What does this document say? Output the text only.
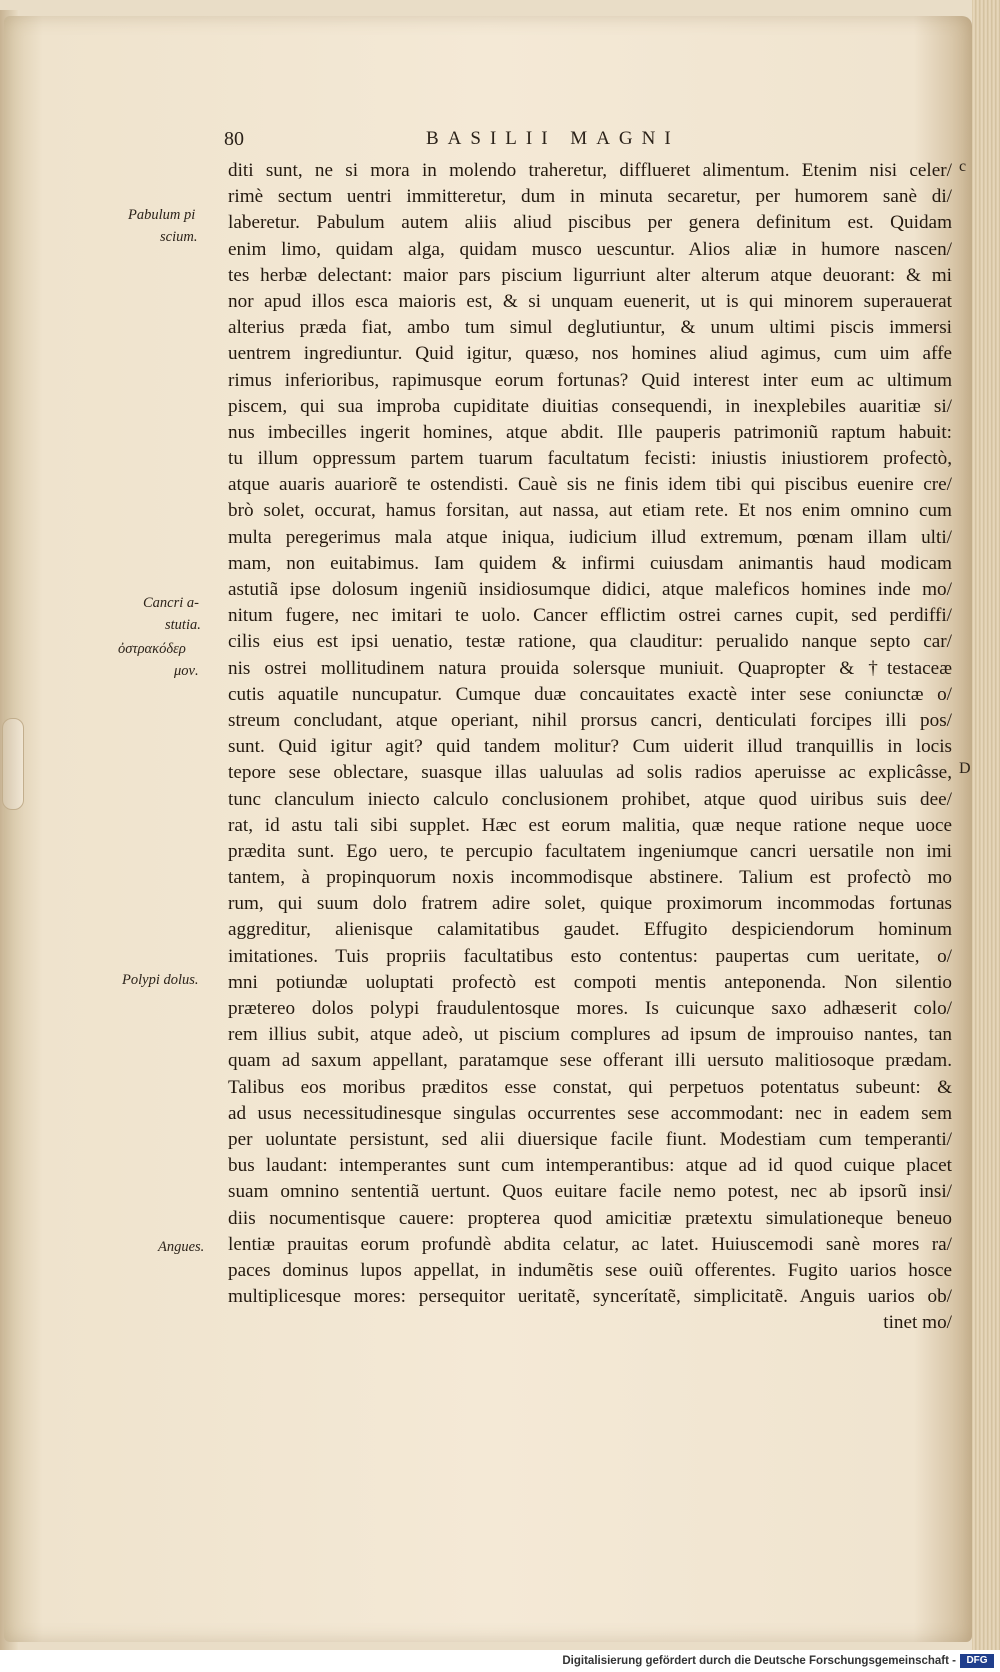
80	BASILII MAGNI
Pabulum pi
scium.
Cancri a-
stutia.
ὀστρακόδερ
μον.
Polypi dolus.
Angues.
c
D
diti sunt, ne si mora in molendo traheretur, difflueret alimentum. Etenim nisi celer/
rimè sectum uentri immitteretur, dum in minuta secaretur, per humorem sanè di/
laberetur. Pabulum autem aliis aliud piscibus per genera definitum est. Quidam
enim limo, quidam alga, quidam musco uescuntur. Alios aliæ in humore nascen/
tes herbæ delectant: maior pars piscium ligurriunt alter alterum atque deuorant: & mi
nor apud illos esca maioris est, & si unquam euenerit, ut is qui minorem superauerat
alterius præda fiat, ambo tum simul deglutiuntur, & unum ultimi piscis immersi
uentrem ingrediuntur. Quid igitur, quæso, nos homines aliud agimus, cum uim affe
rimus inferioribus, rapimusque eorum fortunas? Quid interest inter eum ac ultimum
piscem, qui sua improba cupiditate diuitias consequendi, in inexplebiles auaritiæ si/
nus imbecilles ingerit homines, atque abdit. Ille pauperis patrimoniũ raptum habuit:
tu illum oppressum partem tuarum facultatum fecisti: iniustis iniustiorem profectò,
atque auaris auariorẽ te ostendisti. Cauè sis ne finis idem tibi qui piscibus euenire cre/
brò solet, occurat, hamus forsitan, aut nassa, aut etiam rete. Et nos enim omnino cum
multa peregerimus mala atque iniqua, iudicium illud extremum, pœnam illam ulti/
mam, non euitabimus. Iam quidem & infirmi cuiusdam animantis haud modicam
astutiã ipse dolosum ingeniũ insidiosumque didici, atque maleficos homines inde mo/
nitum fugere, nec imitari te uolo. Cancer efflictim ostrei carnes cupit, sed perdiffi/
cilis eius est ipsi uenatio, testæ ratione, qua clauditur: perualido nanque septo car/
nis ostrei mollitudinem natura prouida solersque muniuit. Quapropter & †testaceæ
cutis aquatile nuncupatur. Cumque duæ concauitates exactè inter sese coniunctæ o/
streum concludant, atque operiant, nihil prorsus cancri, denticulati forcipes illi pos/
sunt. Quid igitur agit? quid tandem molitur? Cum uiderit illud tranquillis in locis
tepore sese oblectare, suasque illas ualuulas ad solis radios aperuisse ac explicâsse,
tunc clanculum iniecto calculo conclusionem prohibet, atque quod uiribus suis dee/
rat, id astu tali sibi supplet. Hæc est eorum malitia, quæ neque ratione neque uoce
prædita sunt. Ego uero, te percupio facultatem ingeniumque cancri uersatile non imi
tantem, à propinquorum noxis incommodisque abstinere. Talium est profectò mo
rum, qui suum dolo fratrem adire solet, quique proximorum incommodas fortunas
aggreditur, alienisque calamitatibus gaudet. Effugito despiciendorum hominum
imitationes. Tuis propriis facultatibus esto contentus: paupertas cum ueritate, o/
mni potiundæ uoluptati profectò est compoti mentis anteponenda. Non silentio
prætereo dolos polypi fraudulentosque mores. Is cuicunque saxo adhæserit colo/
rem illius subit, atque adeò, ut piscium complures ad ipsum de improuiso nantes, tan
quam ad saxum appellant, paratamque sese offerant illi uersuto malitiosoque prædam.
Talibus eos moribus præditos esse constat, qui perpetuos potentatus subeunt: &
ad usus necessitudinesque singulas occurrentes sese accommodant: nec in eadem sem
per uoluntate persistunt, sed alii diuersique facile fiunt. Modestiam cum temperanti/
bus laudant: intemperantes sunt cum intemperantibus: atque ad id quod cuique placet
suam omnino sententiã uertunt. Quos euitare facile nemo potest, nec ab ipsorũ insi/
diis nocumentisque cauere: propterea quod amicitiæ prætextu simulationeque beneuo
lentiæ prauitas eorum profundè abdita celatur, ac latet. Huiuscemodi sanè mores ra/
paces dominus lupos appellat, in indumẽtis sese ouiũ offerentes. Fugito uarios hosce
multiplicesque mores: persequitor ueritatẽ, syncerítatẽ, simplicitatẽ. Anguis uarios ob/
tinet mo/
Digitalisierung gefördert durch die Deutsche Forschungsgemeinschaft -	DFG
